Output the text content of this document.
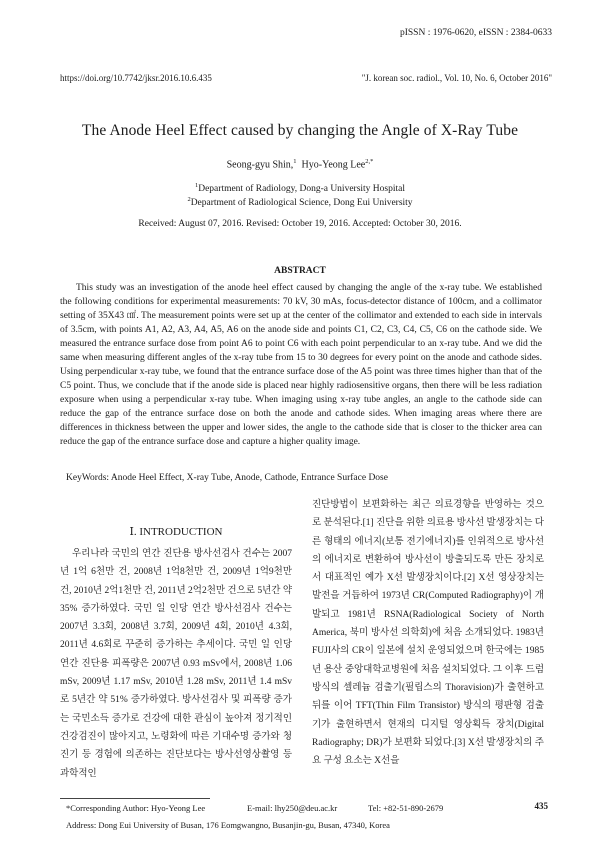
pISSN : 1976-0620, eISSN : 2384-0633
https://doi.org/10.7742/jksr.2016.10.6.435	"J. korean soc. radiol., Vol. 10, No. 6, October 2016"
The Anode Heel Effect caused by changing the Angle of X-Ray Tube
Seong-gyu Shin,$^1$ Hyo-Yeong Lee$^{2,*}$
$^1$Department of Radiology, Dong-a University Hospital
$^2$Department of Radiological Science, Dong Eui University
Received: August 07, 2016. Revised: October 19, 2016. Accepted: October 30, 2016.
ABSTRACT

This study was an investigation of the anode heel effect caused by changing the angle of the x-ray tube. We established the following conditions for experimental measurements: 70 kV, 30 mAs, focus-detector distance of 100cm, and a collimator setting of 35X43 ㎠. The measurement points were set up at the center of the collimator and extended to each side in intervals of 3.5cm, with points A1, A2, A3, A4, A5, A6 on the anode side and points C1, C2, C3, C4, C5, C6 on the cathode side. We measured the entrance surface dose from point A6 to point C6 with each point perpendicular to an x-ray tube. And we did the same when measuring different angles of the x-ray tube from 15 to 30 degrees for every point on the anode and cathode sides. Using perpendicular x-ray tube, we found that the entrance surface dose of the A5 point was three times higher than that of the C5 point. Thus, we conclude that if the anode side is placed near highly radiosensitive organs, then there will be less radiation exposure when using a perpendicular x-ray tube. When imaging using x-ray tube angles, an angle to the cathode side can reduce the gap of the entrance surface dose on both the anode and cathode sides. When imaging areas where there are differences in thickness between the upper and lower sides, the angle to the cathode side that is closer to the thicker area can reduce the gap of the entrance surface dose and capture a higher quality image.

KeyWords: Anode Heel Effect, X-ray Tube, Anode, Cathode, Entrance Surface Dose
Ⅰ. INTRODUCTION

우리나라 국민의 연간 진단용 방사선검사 건수는 2007년 1억 6천만 건, 2008년 1억8천만 건, 2009년 1억9천만 건, 2010년 2억1천만 건, 2011년 2억2천만 건으로 5년간 약 35% 증가하였다. 국민 일 인당 연간 방사선검사 건수는 2007년 3.3회, 2008년 3.7회, 2009년 4회, 2010년 4.3회, 2011년 4.6회로 꾸준히 증가하는 추세이다. 국민 일 인당 연간 진단용 피폭량은 2007년 0.93 mSv에서, 2008년 1.06 mSv, 2009년 1.17 mSv, 2010년 1.28 mSv, 2011년 1.4 mSv로 5년간 약 51% 증가하였다. 방사선검사 및 피폭량 증가는 국민소득 증가로 건강에 대한 관심이 높아져 정기적인 건강검진이 많아지고, 노령화에 따른 기대수명 증가와 청진기 등 경험에 의존하는 진단보다는 방사선영상촬영 등 과학적인

진단방법이 보편화하는 최근 의료경향을 반영하는 것으로 분석된다.[1] 진단을 위한 의료용 방사선 발생장치는 다른 형태의 에너지(보통 전기에너지)를 인위적으로 방사선의 에너지로 변환하여 방사선이 방출되도록 만든 장치로서 대표적인 예가 X선 발생장치이다.[2] X선 영상장치는 발전을 거듭하여 1973년 CR(Computed Radiography)이 개발되고 1981년 RSNA(Radiological Society of North America, 북미 방사선 의학회)에 처음 소개되었다. 1983년 FUJI사의 CR이 일본에 설치 운영되었으며 한국에는 1985년 용산 중앙대학교병원에 처음 설치되었다. 그 이후 드럼 방식의 셀레늄 검출기(필립스의 Thoravision)가 출현하고 뒤를 이어 TFT(Thin Film Transistor) 방식의 평판형 검출기가 출현하면서 현재의 디지털 영상획득 장치(Digital Radiography; DR)가 보편화 되었다.[3] X선 발생장치의 주요 구성 요소는 X선을

*Corresponding Author: Hyo-Yeong Lee	E-mail: lhy250@deu.ac.kr	Tel: +82-51-890-2679
Address: Dong Eui University of Busan, 176 Eomgwangno, Busanjin-gu, Busan, 47340, Korea
435
